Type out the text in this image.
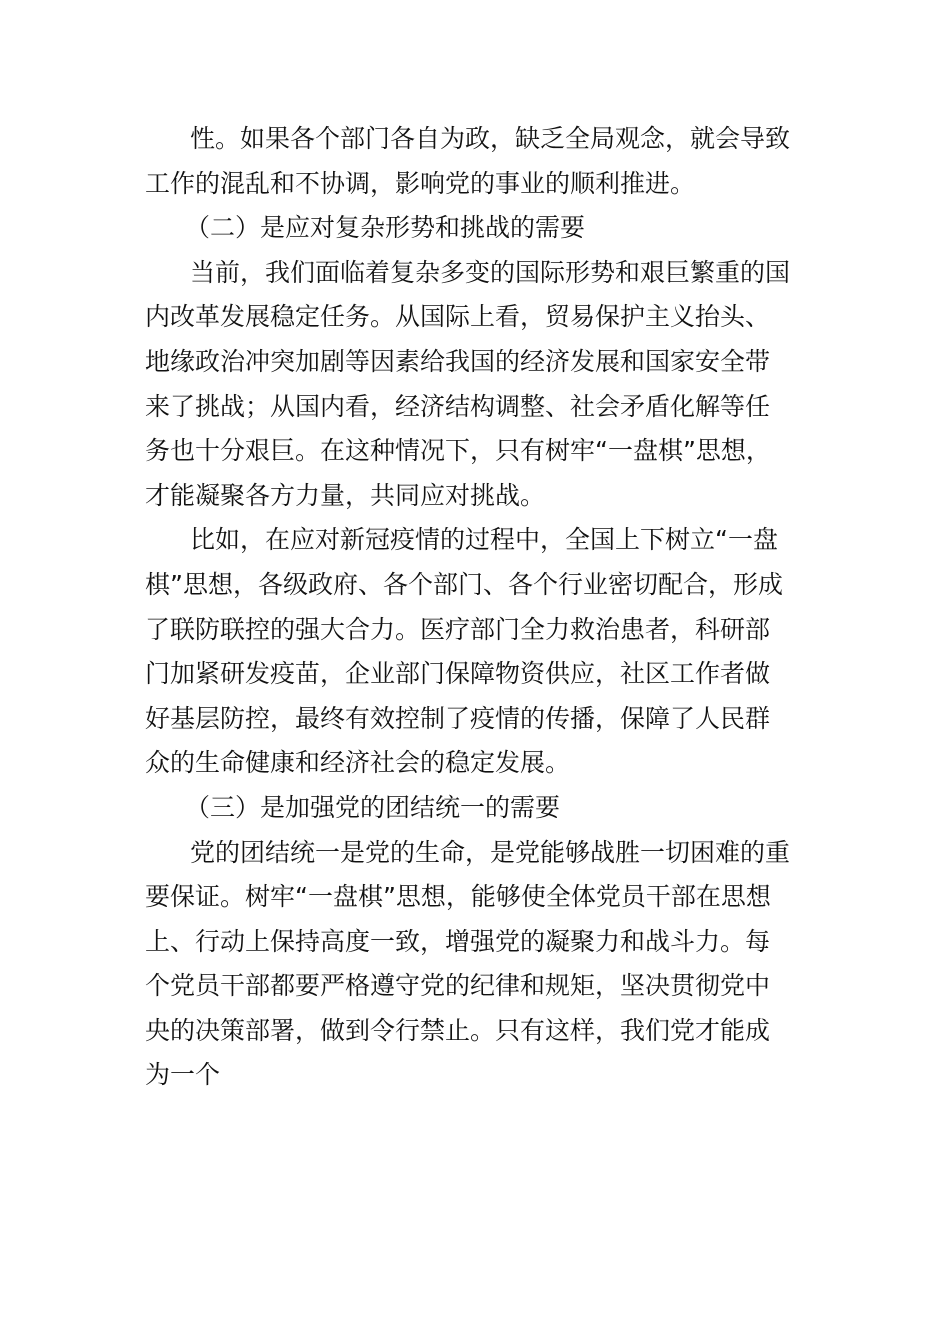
性。如果各个部门各自为政，缺乏全局观念，就会导致
工作的混乱和不协调，影响党的事业的顺利推进。
（二）是应对复杂形势和挑战的需要
当前，我们面临着复杂多变的国际形势和艰巨繁重的国
内改革发展稳定任务。从国际上看，贸易保护主义抬头、
地缘政治冲突加剧等因素给我国的经济发展和国家安全带
来了挑战；从国内看，经济结构调整、社会矛盾化解等任
务也十分艰巨。在这种情况下，只有树牢“一盘棋”思想，
才能凝聚各方力量，共同应对挑战。
比如，在应对新冠疫情的过程中，全国上下树立“一盘
棋”思想，各级政府、各个部门、各个行业密切配合，形成
了联防联控的强大合力。医疗部门全力救治患者，科研部
门加紧研发疫苗，企业部门保障物资供应，社区工作者做
好基层防控，最终有效控制了疫情的传播，保障了人民群
众的生命健康和经济社会的稳定发展。
（三）是加强党的团结统一的需要
党的团结统一是党的生命，是党能够战胜一切困难的重
要保证。树牢“一盘棋”思想，能够使全体党员干部在思想
上、行动上保持高度一致，增强党的凝聚力和战斗力。每
个党员干部都要严格遵守党的纪律和规矩，坚决贯彻党中
央的决策部署，做到令行禁止。只有这样，我们党才能成
为一个
